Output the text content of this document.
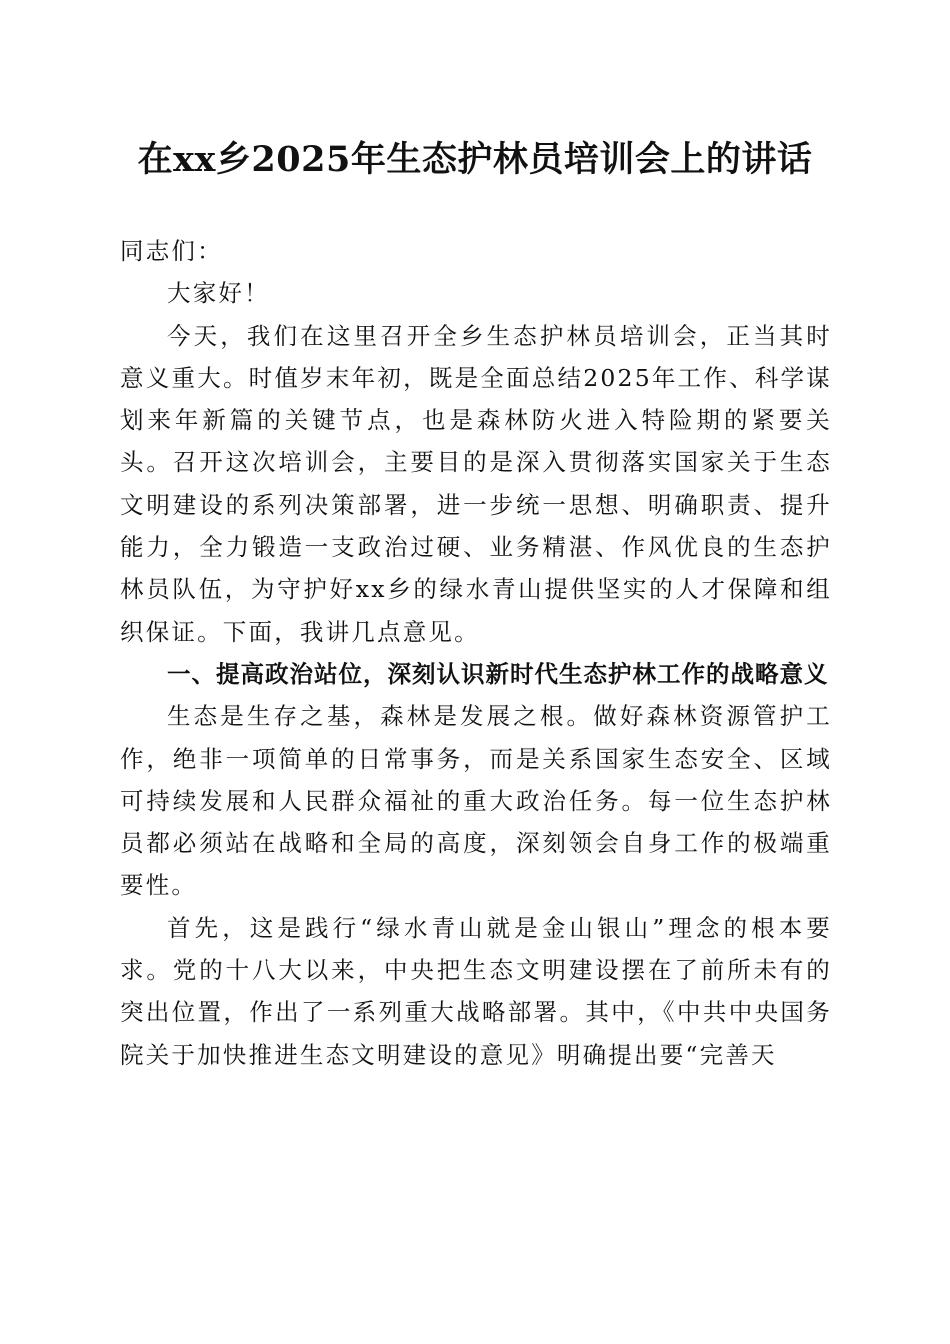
在xx乡2025年生态护林员培训会上的讲话

同志们：

大家好！

今天，我们在这里召开全乡生态护林员培训会，正当其时意义重大。时值岁末年初，既是全面总结2025年工作、科学谋划来年新篇的关键节点，也是森林防火进入特险期的紧要关头。召开这次培训会，主要目的是深入贯彻落实国家关于生态文明建设的系列决策部署，进一步统一思想、明确职责、提升能力，全力锻造一支政治过硬、业务精湛、作风优良的生态护林员队伍，为守护好xx乡的绿水青山提供坚实的人才保障和组织保证。下面，我讲几点意见。

一、提高政治站位，深刻认识新时代生态护林工作的战略意义

生态是生存之基，森林是发展之根。做好森林资源管护工作，绝非一项简单的日常事务，而是关系国家生态安全、区域可持续发展和人民群众福祉的重大政治任务。每一位生态护林员都必须站在战略和全局的高度，深刻领会自身工作的极端重要性。

首先，这是践行“绿水青山就是金山银山”理念的根本要求。党的十八大以来，中央把生态文明建设摆在了前所未有的突出位置，作出了一系列重大战略部署。其中，《中共中央国务院关于加快推进生态文明建设的意见》明确提出要“完善天
